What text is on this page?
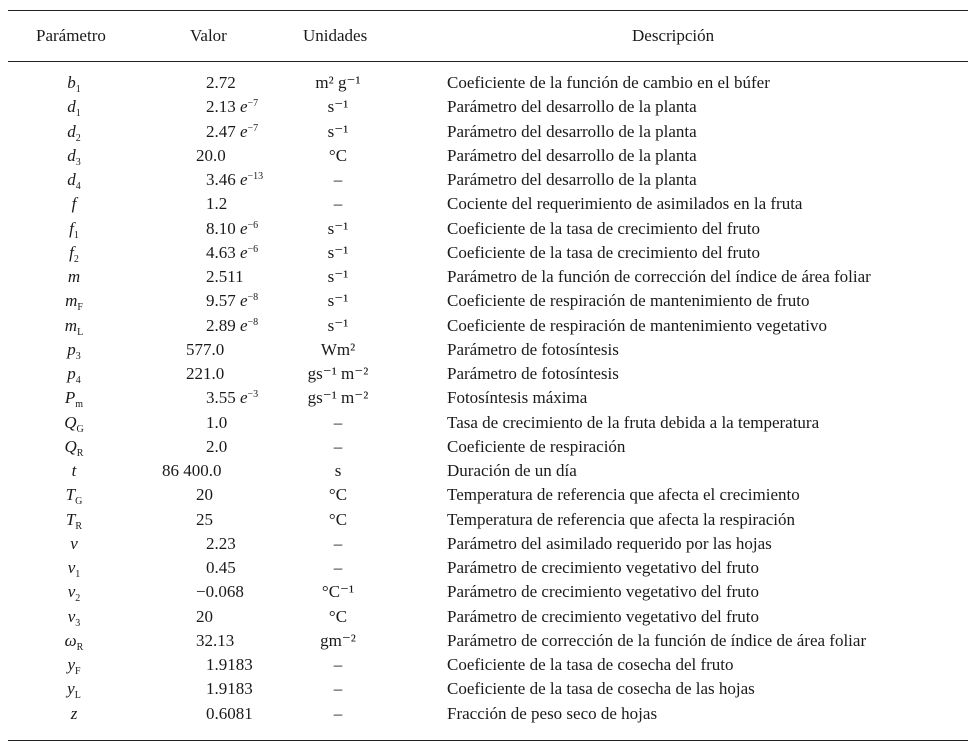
Parámetro	Valor	Unidades	Descripción
$b_1$	2.72	m² g⁻¹	Coeficiente de la función de cambio en el búfer
$d_1$	2.13 $e^{-7}$	s⁻¹	Parámetro del desarrollo de la planta
$d_2$	2.47 $e^{-7}$	s⁻¹	Parámetro del desarrollo de la planta
$d_3$	20.0	°C	Parámetro del desarrollo de la planta
$d_4$	3.46 $e^{-13}$	–	Parámetro del desarrollo de la planta
f	1.2	–	Cociente del requerimiento de asimilados en la fruta
$f_1$	8.10 $e^{-6}$	s⁻¹	Coeficiente de la tasa de crecimiento del fruto
$f_2$	4.63 $e^{-6}$	s⁻¹	Coeficiente de la tasa de crecimiento del fruto
m	2.511	s⁻¹	Parámetro de la función de corrección del índice de área foliar
$m_F$	9.57 $e^{-8}$	s⁻¹	Coeficiente de respiración de mantenimiento de fruto
$m_L$	2.89 $e^{-8}$	s⁻¹	Coeficiente de respiración de mantenimiento vegetativo
$p_3$	577.0	Wm²	Parámetro de fotosíntesis
$p_4$	221.0	gs⁻¹ m⁻²	Parámetro de fotosíntesis
$P_m$	3.55 $e^{-3}$	gs⁻¹ m⁻²	Fotosíntesis máxima
$Q_G$	1.0	–	Tasa de crecimiento de la fruta debida a la temperatura
$Q_R$	2.0	–	Coeficiente de respiración
t	86 400.0	s	Duración de un día
$T_G$	20	°C	Temperatura de referencia que afecta el crecimiento
$T_R$	25	°C	Temperatura de referencia que afecta la respiración
v	2.23	–	Parámetro del asimilado requerido por las hojas
$v_1$	0.45	–	Parámetro de crecimiento vegetativo del fruto
$v_2$	−0.068	°C⁻¹	Parámetro de crecimiento vegetativo del fruto
$v_3$	20	°C	Parámetro de crecimiento vegetativo del fruto
$\omega_R$	32.13	gm⁻²	Parámetro de corrección de la función de índice de área foliar
$y_F$	1.9183	–	Coeficiente de la tasa de cosecha del fruto
$y_L$	1.9183	–	Coeficiente de la tasa de cosecha de las hojas
z	0.6081	–	Fracción de peso seco de hojas
